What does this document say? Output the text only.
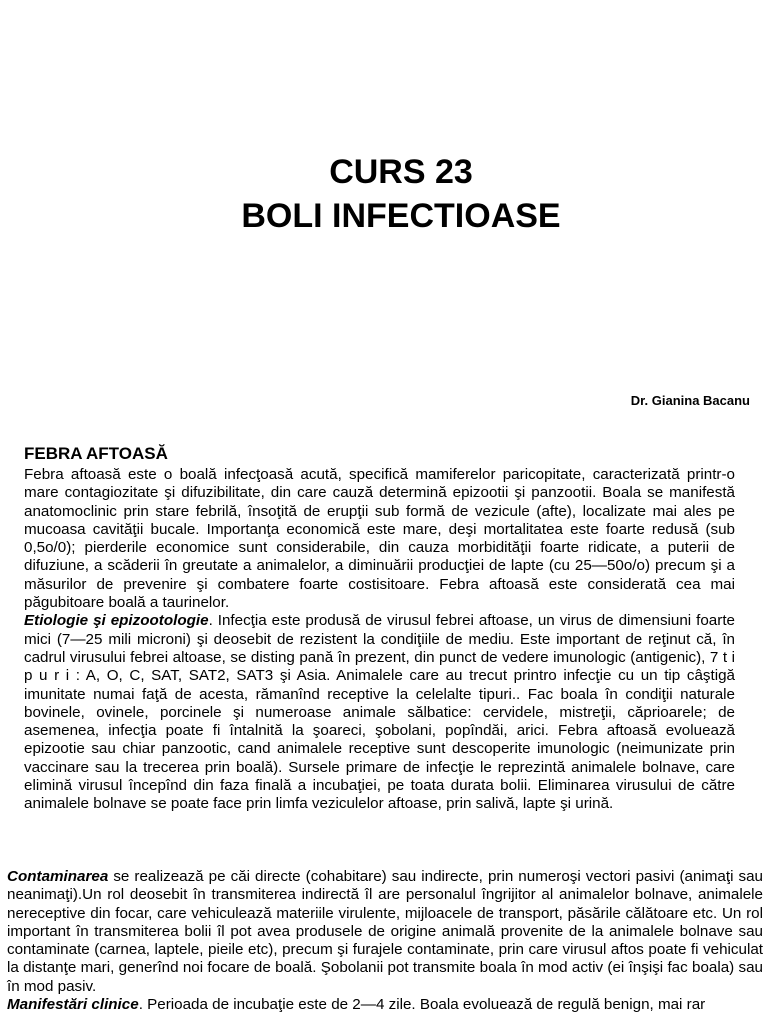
CURS 23
BOLI INFECTIOASE
Dr. Gianina Bacanu
FEBRA AFTOASĂ

Febra aftoasă este o boală infecţoasă acută, specifică mamiferelor paricopitate, caracterizată printr-o mare contagiozitate şi difuzibilitate, din care cauză determină epizootii şi panzootii. Boala se manifestă anatomoclinic prin stare febrilă, însoţită de erupţii sub formă de vezicule (afte), localizate mai ales pe mucoasa cavităţii bucale. Importanţa economică este mare, deşi mortalitatea este foarte redusă (sub 0,5o/0); pierderile economice sunt considerabile, din cauza morbidităţii foarte ridicate, a puterii de difuziune, a scăderii în greutate a animalelor, a diminuării producţiei de lapte (cu 25—50o/o) precum şi a măsurilor de prevenire şi combatere foarte costisitoare. Febra aftoasă este considerată cea mai păgubitoare boală a taurinelor.

Etiologie şi epizootologie. Infecţia este produsă de virusul febrei aftoase, un virus de dimensiuni foarte mici (7—25 mili microni) şi deosebit de rezistent la condiţiile de mediu. Este important de reţinut că, în cadrul virusului febrei altoase, se disting pană în prezent, din punct de vedere imunologic (antigenic), 7 t i p u r i : A, O, C, SAT, SAT2, SAT3 şi Asia. Animalele care au trecut printro infecţie cu un tip câştigă imunitate numai faţă de acesta, rămanînd receptive la celelalte tipuri.. Fac boala în condiţii naturale bovinele, ovinele, porcinele şi numeroase animale sălbatice: cervidele, mistreţii, căprioarele; de asemenea, infecţia poate fi întalnită la şoareci, şobolani, popîndăi, arici. Febra aftoasă evoluează epizootie sau chiar panzootic, cand animalele receptive sunt descoperite imunologic (neimunizate prin vaccinare sau la trecerea prin boală). Sursele primare de infecţie le reprezintă animalele bolnave, care elimină virusul începînd din faza finală a incubaţiei, pe toata durata bolii. Eliminarea virusului de către animalele bolnave se poate face prin limfa veziculelor aftoase, prin salivă, lapte şi urină.

Contaminarea se realizează pe căi directe (cohabitare) sau indirecte, prin numeroşi vectori pasivi (animaţi sau neanimaţi).Un rol deosebit în transmiterea indirectă îl are personalul îngrijitor al animalelor bolnave, animalele nereceptive din focar, care vehiculează materiile virulente, mijloacele de transport, păsările călătoare etc. Un rol important în transmiterea bolii îl pot avea produsele de origine animală provenite de la animalele bolnave sau contaminate (carnea, laptele, pieile etc), precum şi furajele contaminate, prin care virusul aftos poate fi vehiculat la distanţe mari, generînd noi focare de boală. Şobolanii pot transmite boala în mod activ (ei înşişi fac boala) sau în mod pasiv.

Manifestări clinice. Perioada de incubaţie este de 2—4 zile. Boala evoluează de regulă benign, mai rar
